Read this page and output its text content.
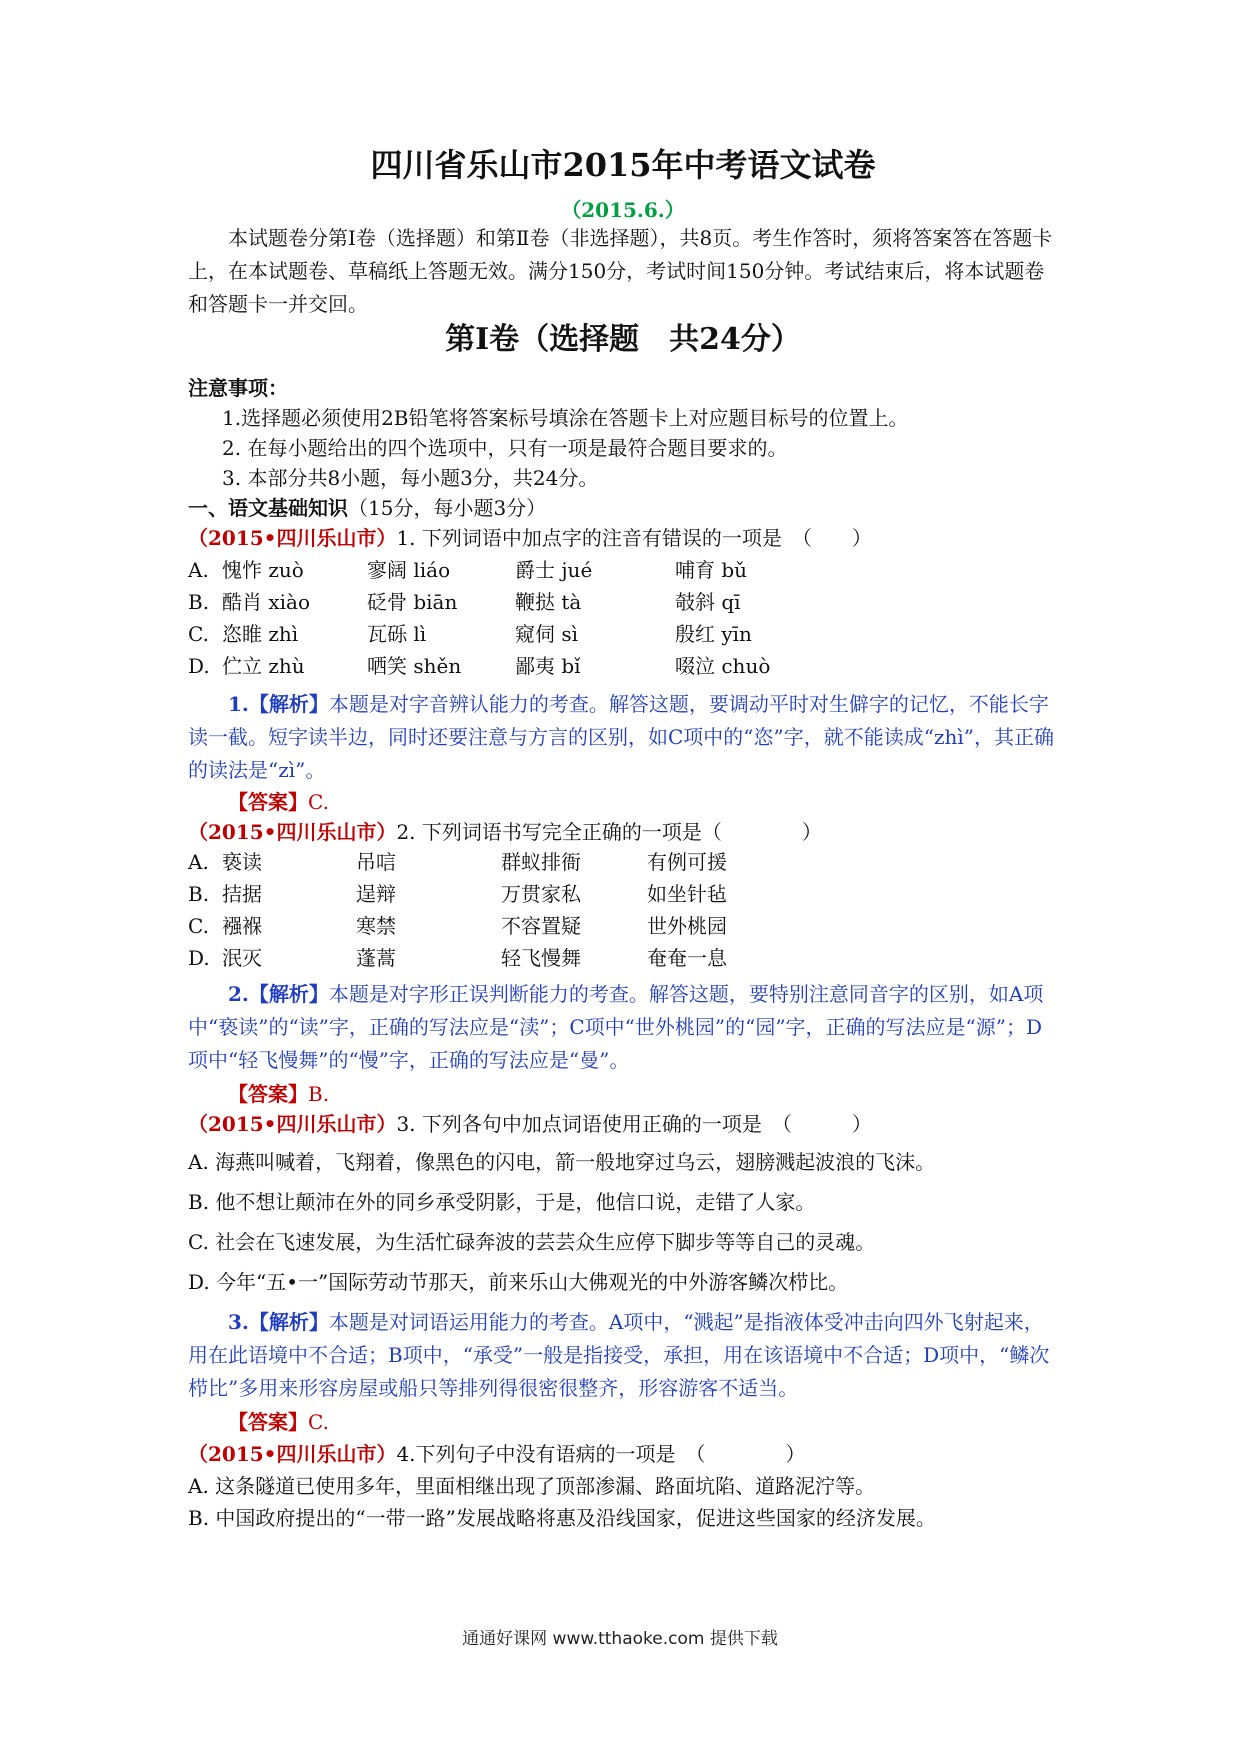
四川省乐山市2015年中考语文试卷
（2015.6.）
本试题卷分第Ⅰ卷（选择题）和第Ⅱ卷（非选择题），共8页。考生作答时，须将答案答在答题卡上，在本试题卷、草稿纸上答题无效。满分150分，考试时间150分钟。考试结束后，将本试题卷和答题卡一并交回。
第Ⅰ卷（选择题　共24分）
注意事项：
1.选择题必须使用2B铅笔将答案标号填涂在答题卡上对应题目标号的位置上。
2. 在每小题给出的四个选项中，只有一项是最符合题目要求的。
3. 本部分共8小题，每小题3分，共24分。
一、语文基础知识（15分，每小题3分）
（2015•四川乐山市）1. 下列词语中加点字的注音有错误的一项是　（　　）
A. 愧怍 zuò	寥阔 liáo	爵士 jué	哺育 bǔ
B. 酷肖 xiào	砭骨 biān	鞭挞 tà	攲斜 qī
C. 恣睢 zhì	瓦砾 lì	窥伺 sì	殷红 yīn
D. 伫立 zhù	哂笑 shěn	鄙夷 bǐ	啜泣 chuò
1.【解析】本题是对字音辨认能力的考查。解答这题，要调动平时对生僻字的记忆，不能长字读一截。短字读半边，同时还要注意与方言的区别，如C项中的“恣”字，就不能读成“zhì”，其正确的读法是“zì”。
【答案】C.
（2015•四川乐山市）2. 下列词语书写完全正确的一项是（　　　　）
A. 亵读	吊唁	群蚁排衙	有例可援
B. 拮据	逞辩	万贯家私	如坐针毡
C. 襁褓	寒禁	不容置疑	世外桃园
D. 泯灭	蓬蒿	轻飞慢舞	奄奄一息
2.【解析】本题是对字形正误判断能力的考查。解答这题，要特别注意同音字的区别，如A项中“亵读”的“读”字，正确的写法应是“渎”；C项中“世外桃园”的“园”字，正确的写法应是“源”；D项中“轻飞慢舞”的“慢”字，正确的写法应是“曼”。
【答案】B.
（2015•四川乐山市）3. 下列各句中加点词语使用正确的一项是　（　　　）
A. 海燕叫喊着，飞翔着，像黑色的闪电，箭一般地穿过乌云，翅膀溅起波浪的飞沫。
B. 他不想让颠沛在外的同乡承受阴影，于是，他信口说，走错了人家。
C. 社会在飞速发展，为生活忙碌奔波的芸芸众生应停下脚步等等自己的灵魂。
D. 今年“五•一”国际劳动节那天，前来乐山大佛观光的中外游客鳞次栉比。
3.【解析】本题是对词语运用能力的考查。A项中，“溅起”是指液体受冲击向四外飞射起来，用在此语境中不合适；B项中，“承受”一般是指接受，承担，用在该语境中不合适；D项中，“鳞次栉比”多用来形容房屋或船只等排列得很密很整齐，形容游客不适当。
【答案】C.
（2015•四川乐山市）4.下列句子中没有语病的一项是　（　　　　）
A. 这条隧道已使用多年，里面相继出现了顶部渗漏、路面坑陷、道路泥泞等。
B. 中国政府提出的“一带一路”发展战略将惠及沿线国家，促进这些国家的经济发展。
通通好课网 www.tthaoke.com 提供下载
